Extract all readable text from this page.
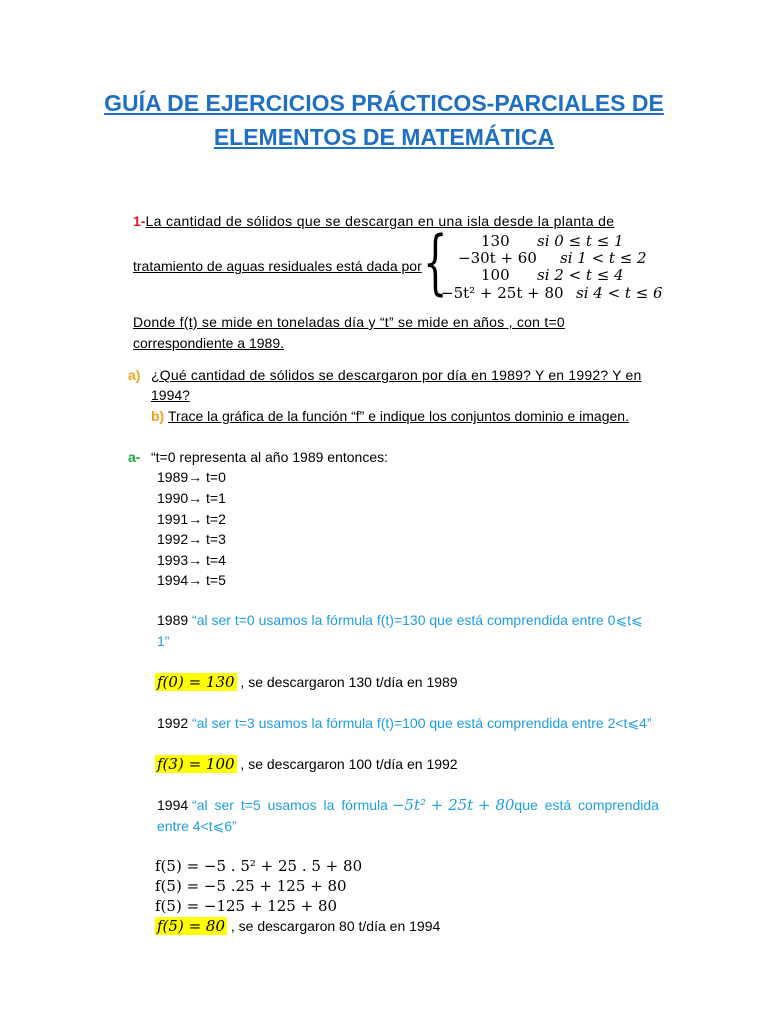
GUÍA DE EJERCICIOS PRÁCTICOS-PARCIALES DE
ELEMENTOS DE MATEMÁTICA
1-La cantidad de sólidos que se descargan en una isla desde la planta de
tratamiento de aguas residuales está dada por { 130 si 0 ≤ t ≤ 1
−30t + 60 si 1 < t ≤ 2
100 si 2 < t ≤ 4
−5t² + 25t + 80 si 4 < t ≤ 6
Donde f(t) se mide en toneladas día y “t” se mide en años , con t=0
correspondiente a 1989.
a) ¿Qué cantidad de sólidos se descargaron por día en 1989? Y en 1992? Y en
1994?
b) Trace la gráfica de la función “f” e indique los conjuntos dominio e imagen.
a- “t=0 representa al año 1989 entonces:
1989→ t=0
1990→ t=1
1991→ t=2
1992→ t=3
1993→ t=4
1994→ t=5
1989 “al ser t=0 usamos la fórmula f(t)=130 que está comprendida entre 0⩽t⩽
1”
f(0) = 130 , se descargaron 130 t/día en 1989
1992 “al ser t=3 usamos la fórmula f(t)=100 que está comprendida entre 2<t⩽4”
f(3) = 100 , se descargaron 100 t/día en 1992
1994 “al ser t=5 usamos la fórmula −5t² + 25t + 80que está comprendida
entre 4<t⩽6”
f(5) = −5 . 5² + 25 . 5 + 80
f(5) = −5 .25 + 125 + 80
f(5) = −125 + 125 + 80
f(5) = 80 , se descargaron 80 t/día en 1994
